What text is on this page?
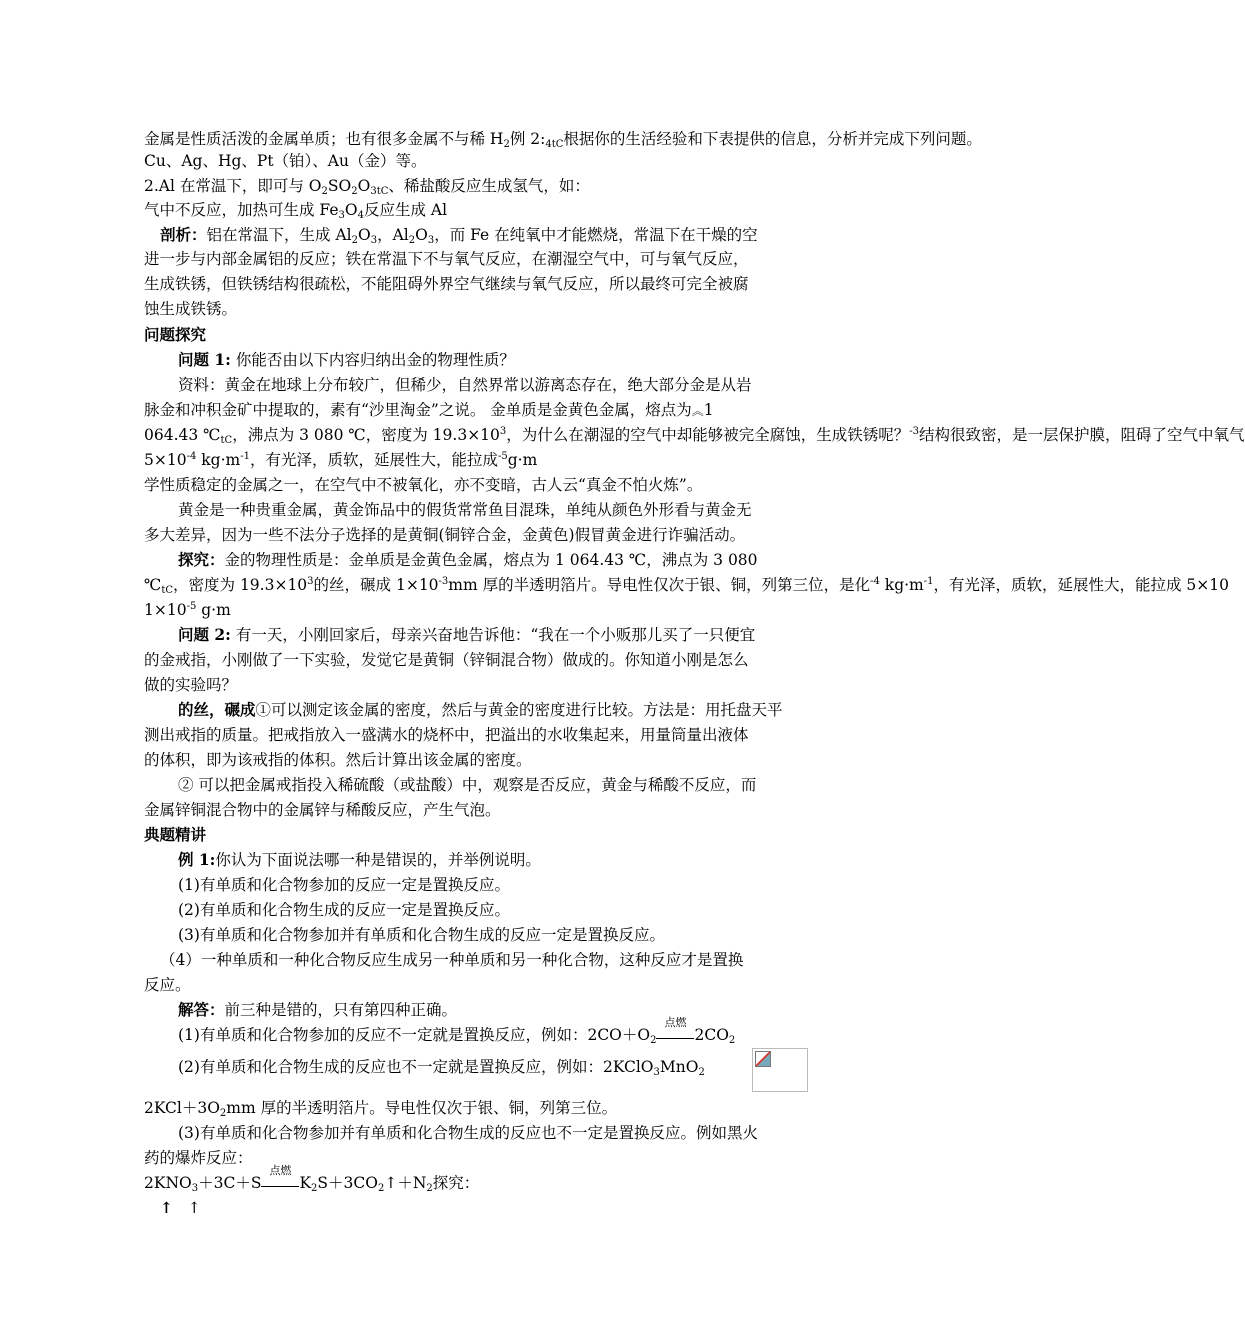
金属是性质活泼的金属单质；也有很多金属不与稀 $H_2$例 $2:_{4tC}$根据你的生活经验和下表提供的信息，分析并完成下列问题。
Cu、Ag、Hg、Pt（铂）、Au（金）等。
2.Al 在常温下，即可与 $O_2SO_2O_{3tC}$、稀盐酸反应生成氢气，如：
气中不反应，加热可生成 $Fe_3O_4$反应生成 Al
剖析：铝在常温下，生成 $Al_2O_3$，$Al_2O_3$，而 Fe 在纯氧中才能燃烧，常温下在干燥的空
进一步与内部金属铝的反应；铁在常温下不与氧气反应，在潮湿空气中，可与氧气反应，
生成铁锈，但铁锈结构很疏松，不能阻碍外界空气继续与氧气反应，所以最终可完全被腐
蚀生成铁锈。
问题探究
问题 1: 你能否由以下内容归纳出金的物理性质？
资料：黄金在地球上分布较广，但稀少，自然界常以游离态存在，绝大部分金是从岩
脉金和冲积金矿中提取的，素有“沙里淘金”之说。 金单质是金黄色金属，熔点为︽1
064.43 $℃_{tC}$，沸点为 3 080 ℃，密度为 $19.3\times 10^3$，为什么在潮湿的空气中却能够被完全腐蚀，生成铁锈呢？$^{-3}$结构很致密，是一层保护膜，阻碍了空气中氧气
$5\times 10^{-4}$ $kg\cdot m^{-1}$，有光泽，质软，延展性大，能拉成$^{-5}$g·m
学性质稳定的金属之一，在空气中不被氧化，亦不变暗，古人云“真金不怕火炼”。
黄金是一种贵重金属，黄金饰品中的假货常常鱼目混珠，单纯从颜色外形看与黄金无
多大差异，因为一些不法分子选择的是黄铜(铜锌合金，金黄色)假冒黄金进行诈骗活动。
探究：金的物理性质是：金单质是金黄色金属，熔点为 1 064.43 ℃，沸点为 3 080
$℃_{tC}$，密度为 $19.3\times 10^3$的丝，碾成 $1\times 10^{-3}mm$ 厚的半透明箔片。导电性仅次于银、铜，列第三位，是化$^{-4}$ $kg\cdot m^{-1}$，有光泽，质软，延展性大，能拉成 5×10
$1\times 10^{-5}$ g·m
问题 2: 有一天，小刚回家后，母亲兴奋地告诉他：“我在一个小贩那儿买了一只便宜
的金戒指，小刚做了一下实验，发觉它是黄铜（锌铜混合物）做成的。你知道小刚是怎么
做的实验吗？
的丝，碾成①可以测定该金属的密度，然后与黄金的密度进行比较。方法是：用托盘天平
测出戒指的质量。把戒指放入一盛满水的烧杯中，把溢出的水收集起来，用量筒量出液体
的体积，即为该戒指的体积。然后计算出该金属的密度。
② 可以把金属戒指投入稀硫酸（或盐酸）中，观察是否反应，黄金与稀酸不反应，而
金属锌铜混合物中的金属锌与稀酸反应，产生气泡。
典题精讲
例 1:你认为下面说法哪一种是错误的，并举例说明。
(1)有单质和化合物参加的反应一定是置换反应。
(2)有单质和化合物生成的反应一定是置换反应。
(3)有单质和化合物参加并有单质和化合物生成的反应一定是置换反应。
（4）一种单质和一种化合物反应生成另一种单质和另一种化合物，这种反应才是置换
反应。
解答：前三种是错的，只有第四种正确。
(1)有单质和化合物参加的反应不一定就是置换反应，例如：$2CO+O_2$
点燃
$2CO_2$
(2)有单质和化合物生成的反应也不一定就是置换反应，例如：2KClO$_3$MnO$_2$
$2KCl+3O_2mm$ 厚的半透明箔片。导电性仅次于银、铜，列第三位。
(3)有单质和化合物参加并有单质和化合物生成的反应也不一定是置换反应。例如黑火
药的爆炸反应：
$2KNO_3+3C+S$
点燃
$K_2S+3CO_2↑+N_2$探究：
↑ ↑
